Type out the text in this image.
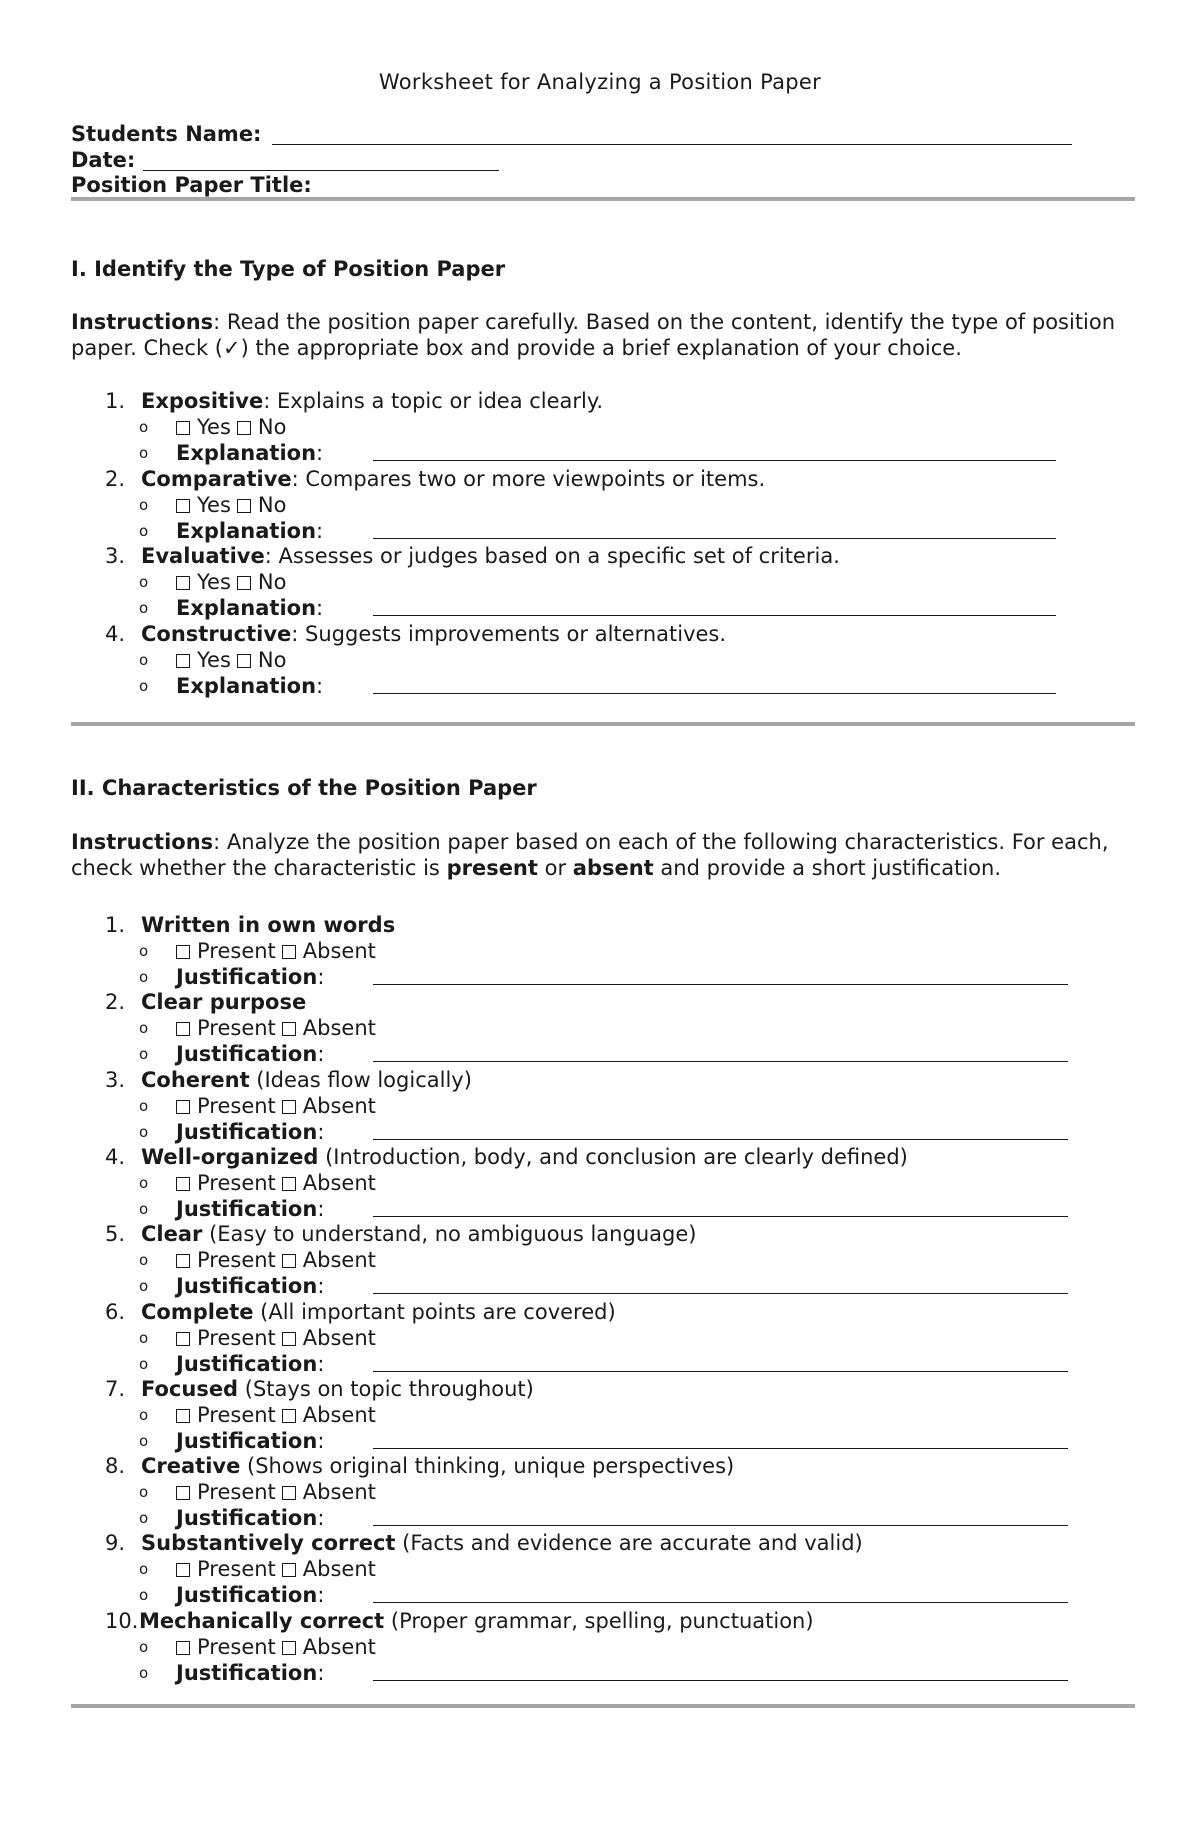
Worksheet for Analyzing a Position Paper
Students Name:
Date:
Position Paper Title:
I. Identify the Type of Position Paper
Instructions: Read the position paper carefully. Based on the content, identify the type of position paper. Check (✓) the appropriate box and provide a brief explanation of your choice.
1. Expositive: Explains a topic or idea clearly.
o Yes No
o Explanation:
2. Comparative: Compares two or more viewpoints or items.
o Yes No
o Explanation:
3. Evaluative: Assesses or judges based on a specific set of criteria.
o Yes No
o Explanation:
4. Constructive: Suggests improvements or alternatives.
o Yes No
o Explanation:
II. Characteristics of the Position Paper
Instructions: Analyze the position paper based on each of the following characteristics. For each, check whether the characteristic is present or absent and provide a short justification.
1. Written in own words
o Present Absent
o Justification:
2. Clear purpose
o Present Absent
o Justification:
3. Coherent (Ideas flow logically)
o Present Absent
o Justification:
4. Well-organized (Introduction, body, and conclusion are clearly defined)
o Present Absent
o Justification:
5. Clear (Easy to understand, no ambiguous language)
o Present Absent
o Justification:
6. Complete (All important points are covered)
o Present Absent
o Justification:
7. Focused (Stays on topic throughout)
o Present Absent
o Justification:
8. Creative (Shows original thinking, unique perspectives)
o Present Absent
o Justification:
9. Substantively correct (Facts and evidence are accurate and valid)
o Present Absent
o Justification:
10.Mechanically correct (Proper grammar, spelling, punctuation)
o Present Absent
o Justification:
